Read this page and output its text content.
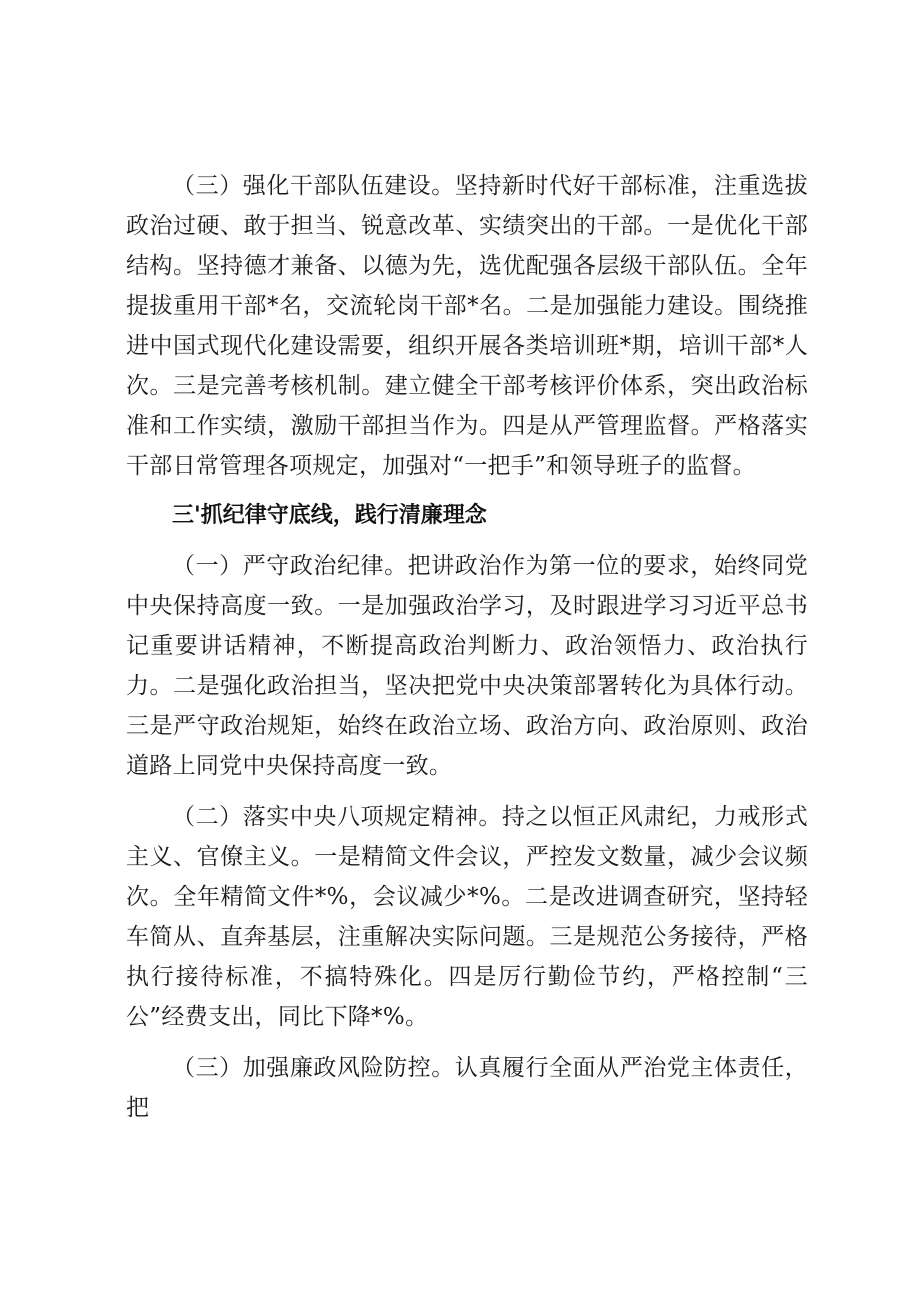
（三）强化干部队伍建设。坚持新时代好干部标准，注重选拔政治过硬、敢于担当、锐意改革、实绩突出的干部。一是优化干部结构。坚持德才兼备、以德为先，选优配强各层级干部队伍。全年提拔重用干部*名，交流轮岗干部*名。二是加强能力建设。围绕推进中国式现代化建设需要，组织开展各类培训班*期，培训干部*人次。三是完善考核机制。建立健全干部考核评价体系，突出政治标准和工作实绩，激励干部担当作为。四是从严管理监督。严格落实干部日常管理各项规定，加强对“一把手”和领导班子的监督。

三'抓纪律守底线，践行清廉理念

（一）严守政治纪律。把讲政治作为第一位的要求，始终同党中央保持高度一致。一是加强政治学习，及时跟进学习习近平总书记重要讲话精神，不断提高政治判断力、政治领悟力、政治执行力。二是强化政治担当，坚决把党中央决策部署转化为具体行动。三是严守政治规矩，始终在政治立场、政治方向、政治原则、政治道路上同党中央保持高度一致。

（二）落实中央八项规定精神。持之以恒正风肃纪，力戒形式主义、官僚主义。一是精简文件会议，严控发文数量，减少会议频次。全年精简文件*%，会议减少*%。二是改进调查研究，坚持轻车简从、直奔基层，注重解决实际问题。三是规范公务接待，严格执行接待标准，不搞特殊化。四是厉行勤俭节约，严格控制“三公”经费支出，同比下降*%。

（三）加强廉政风险防控。认真履行全面从严治党主体责任，把
